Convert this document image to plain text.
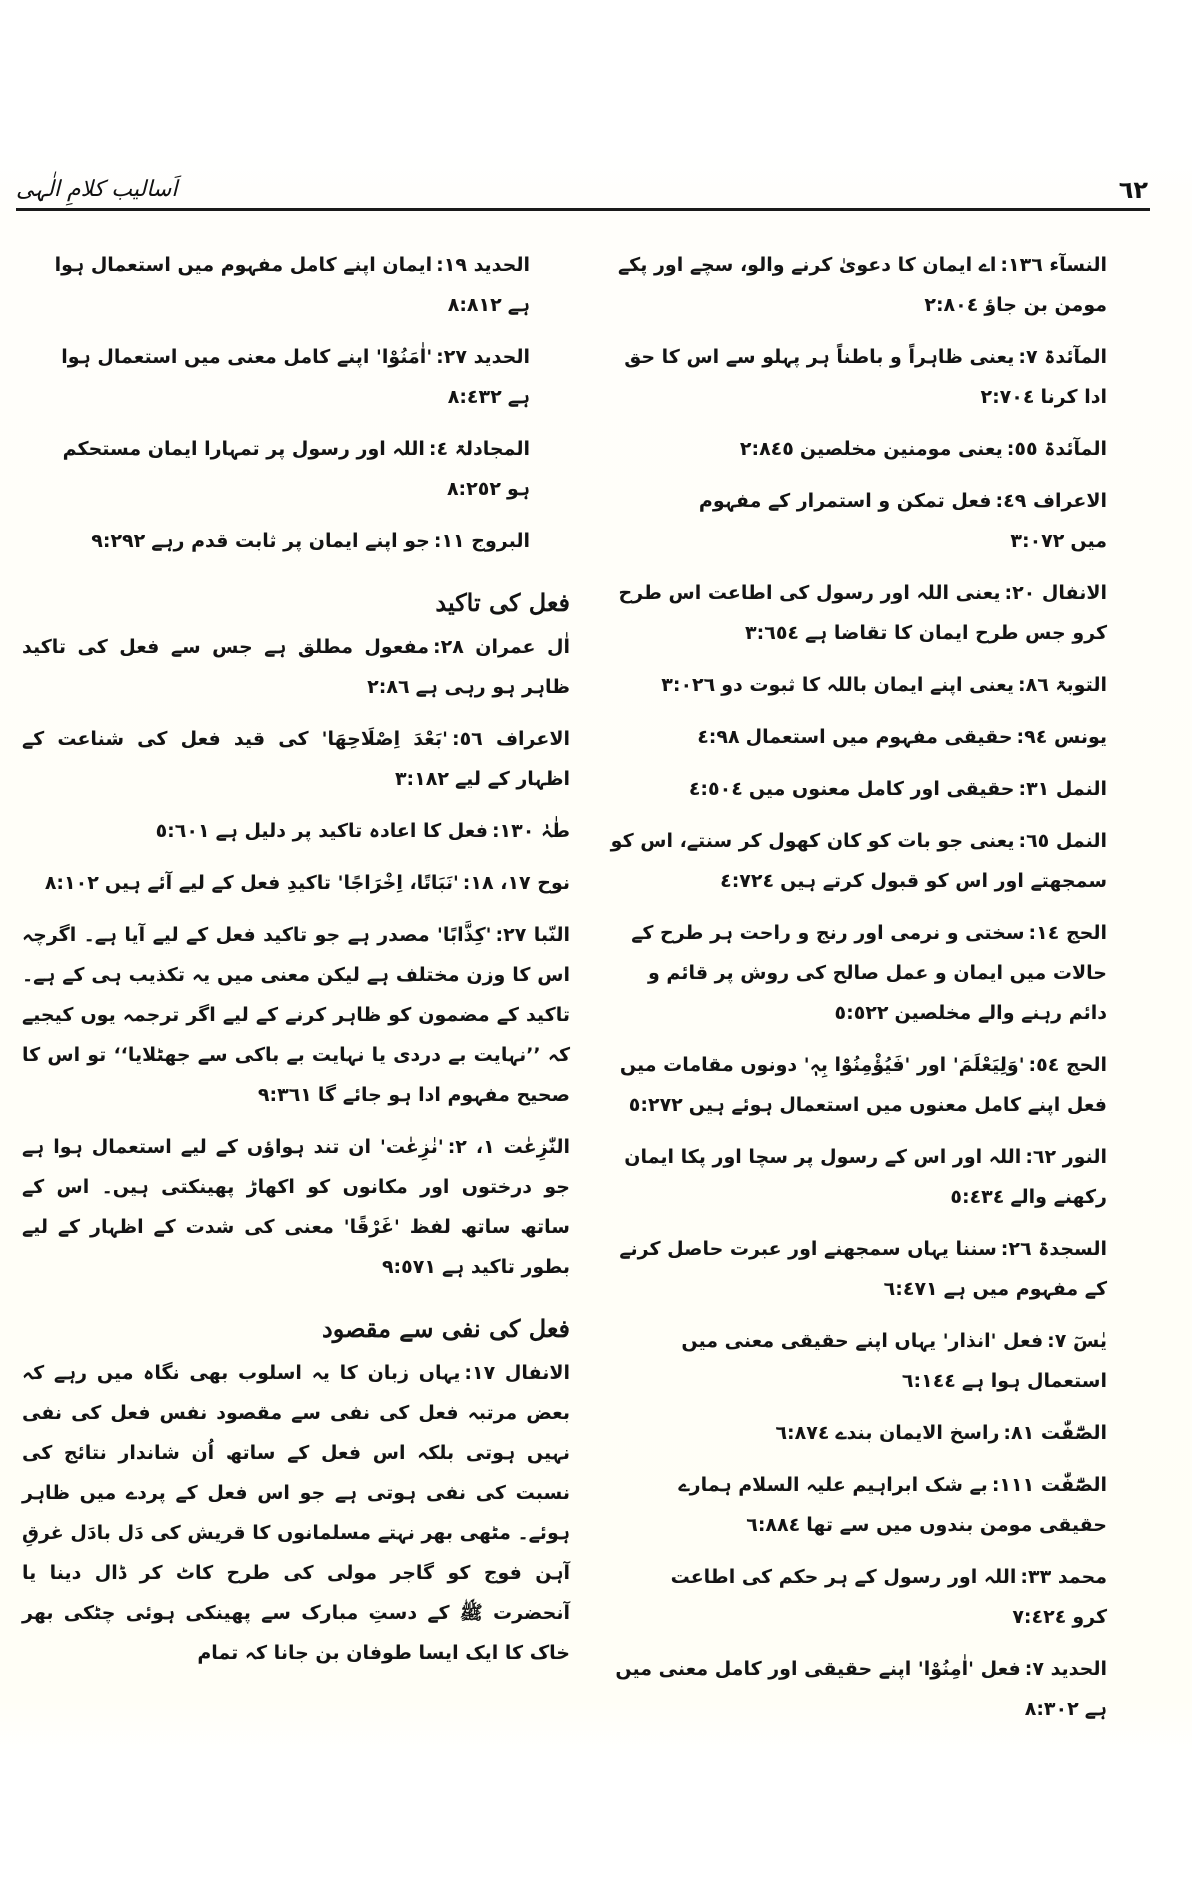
اَسالیب کلامِ الٰہی	٦٢

النسآء ١٣٦:اے ایمان کا دعویٰ کرنے والو، سچے اور پکے مومن بن جاؤ٢:٨٠٤

المآئدۃ ٧:یعنی ظاہراً و باطناً ہر پہلو سے اس کا حق ادا کرنا٢:٧٠٤

المآئدۃ ٥٥:یعنی مومنین مخلصین٢:٨٤٥

الاعراف ٤٩:فعل تمکن و استمرار کے مفہوم میں٣:٠٧٢

الانفال ٢٠:یعنی اللہ اور رسول کی اطاعت اس طرح کرو جس طرح ایمان کا تقاضا ہے٣:٦٥٤

التوبۃ ٨٦:یعنی اپنے ایمان باللہ کا ثبوت دو٣:٠٢٦

یونس ٩٤:حقیقی مفہوم میں استعمال٤:٩٨

النمل ٣١:حقیقی اور کامل معنوں میں٤:٥٠٤

النمل ٦٥:یعنی جو بات کو کان کھول کر سنتے، اس کو سمجھتے اور اس کو قبول کرتے ہیں٤:٧٢٤

الحج ١٤:سختی و نرمی اور رنج و راحت ہر طرح کے حالات میں ایمان و عمل صالح کی روش پر قائم و دائم رہنے والے مخلصین٥:٥٢٢

الحج ٥٤:'وَلِیَعْلَمَ' اور 'فَیُؤْمِنُوْا بِہٖ' دونوں مقامات میں فعل اپنے کامل معنوں میں استعمال ہوئے ہیں٥:٢٧٢

النور ٦٢:اللہ اور اس کے رسول پر سچا اور پکا ایمان رکھنے والے٥:٤٣٤

السجدۃ ٢٦:سننا یہاں سمجھنے اور عبرت حاصل کرنے کے مفہوم میں ہے٦:٤٧١

یٰسٓ ٧:فعل 'انذار' یہاں اپنے حقیقی معنی میں استعمال ہوا ہے٦:١٤٤

الصّٰٓفّٰت ٨١:راسخ الایمان بندے٦:٨٧٤

الصّٰٓفّٰت ١١١:بے شک ابراہیم علیہ السلام ہمارے حقیقی مومن بندوں میں سے تھا٦:٨٨٤

محمد ٣٣:اللہ اور رسول کے ہر حکم کی اطاعت کرو٧:٤٢٤

الحدید ٧:فعل 'اٰمِنُوْا' اپنے حقیقی اور کامل معنی میں ہے٨:٣٠٢

الحدید ١٩:ایمان اپنے کامل مفہوم میں استعمال ہوا ہے٨:٨١٢

الحدید ٢٧:'اٰمَنُوْا' اپنے کامل معنی میں استعمال ہوا ہے٨:٤٣٢

المجادلۃ ٤:اللہ اور رسول پر تمہارا ایمان مستحکم ہو٨:٢٥٢

البروج ١١:جو اپنے ایمان پر ثابت قدم رہے٩:٢٩٢

فعل کی تاکید

اٰل عمران ٢٨:مفعول مطلق ہے جس سے فعل کی تاکید ظاہر ہو رہی ہے٢:٨٦

الاعراف ٥٦:'بَعْدَ اِصْلَاحِھَا' کی قید فعل کی شناعت کے اظہار کے لیے٣:١٨٢

طٰہٰ ١٣٠:فعل کا اعادہ تاکید پر دلیل ہے٥:٦٠١

نوح ١٧، ١٨:'نَبَاتًا، اِخْرَاجًا' تاکیدِ فعل کے لیے آئے ہیں٨:١٠٢

النّبا ٢٧:'کِذَّابًا' مصدر ہے جو تاکید فعل کے لیے آیا ہے۔ اگرچہ اس کا وزن مختلف ہے لیکن معنی میں یہ تکذیب ہی کے ہے۔ تاکید کے مضمون کو ظاہر کرنے کے لیے اگر ترجمہ یوں کیجیے کہ ’’نہایت بے دردی یا نہایت بے باکی سے جھٹلایا‘‘ تو اس کا صحیح مفہوم ادا ہو جائے گا٩:٣٦١

النّٰزِعٰت ١، ٢:'نٰزِعٰت' ان تند ہواؤں کے لیے استعمال ہوا ہے جو درختوں اور مکانوں کو اکھاڑ پھینکتی ہیں۔ اس کے ساتھ ساتھ لفظ 'غَرْقًا' معنی کی شدت کے اظہار کے لیے بطور تاکید ہے٩:٥٧١

فعل کی نفی سے مقصود

الانفال ١٧:یہاں زبان کا یہ اسلوب بھی نگاہ میں رہے کہ بعض مرتبہ فعل کی نفی سے مقصود نفس فعل کی نفی نہیں ہوتی بلکہ اس فعل کے ساتھ اُن شاندار نتائج کی نسبت کی نفی ہوتی ہے جو اس فعل کے پردے میں ظاہر ہوئے۔ مٹھی بھر نہتے مسلمانوں کا قریش کی دَل بادَل غرقِ آہن فوج کو گاجر مولی کی طرح کاٹ کر ڈال دینا یا آنحضرت ﷺ کے دستِ مبارک سے پھینکی ہوئی چٹکی بھر خاک کا ایک ایسا طوفان بن جانا کہ تمام
